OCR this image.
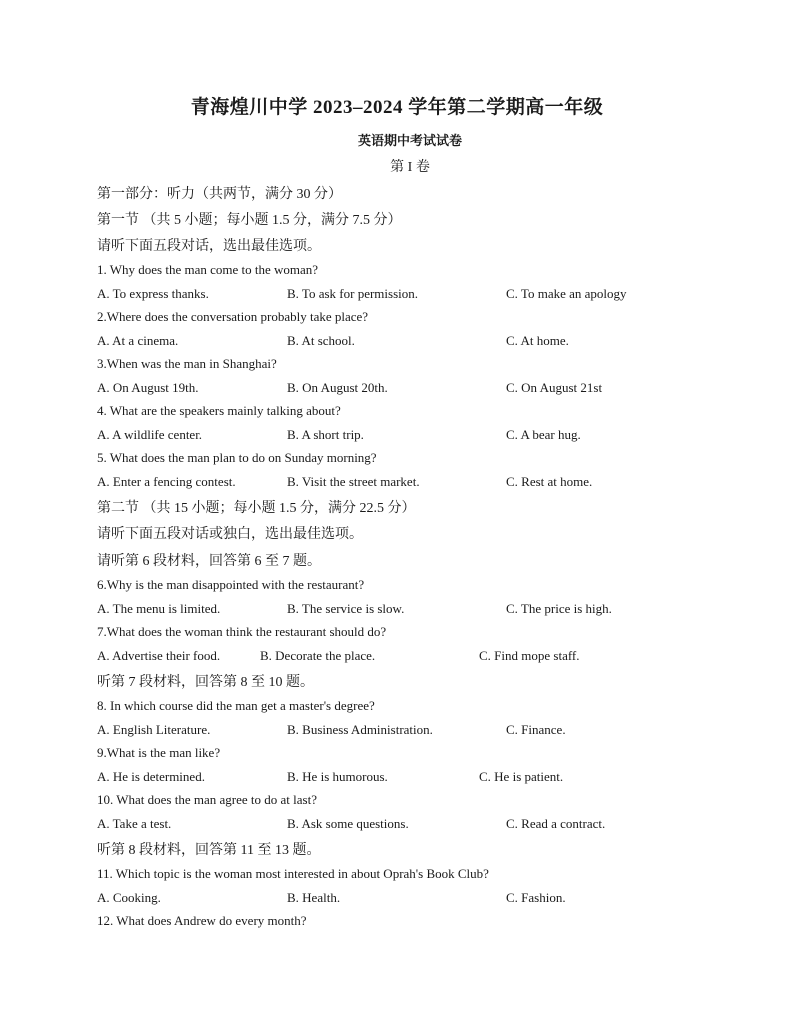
青海煌川中学 2023–2024 学年第二学期高一年级
英语期中考试试卷
第 I 卷
第一部分：听力（共两节，满分 30 分）
第一节 （共 5 小题；每小题 1.5 分，满分 7.5 分）
请听下面五段对话，选出最佳选项。
1. Why does the man come to the woman?
A. To express thanks.	B. To ask for permission.	C. To make an apology
2.Where does the conversation probably take place?
A. At a cinema.	B. At school.	C. At home.
3.When was the man in Shanghai?
A. On August 19th.	B. On August 20th.	C. On August 21st
4. What are the speakers mainly talking about?
A. A wildlife center.	B. A short trip.	C. A bear hug.
5. What does the man plan to do on Sunday morning?
A. Enter a fencing contest.	B. Visit the street market.	C. Rest at home.
第二节 （共 15 小题；每小题 1.5 分，满分 22.5 分）
请听下面五段对话或独白，选出最佳选项。
请听第 6 段材料，回答第 6 至 7 题。
6.Why is the man disappointed with the restaurant?
A. The menu is limited.	B. The service is slow.	C. The price is high.
7.What does the woman think the restaurant should do?
A. Advertise their food.	B. Decorate the place.	C. Find mope staff.
听第 7 段材料，回答第 8 至 10 题。
8. In which course did the man get a master's degree?
A. English Literature.	B. Business Administration.	C. Finance.
9.What is the man like?
A. He is determined.	B. He is humorous.	C. He is patient.
10. What does the man agree to do at last?
A. Take a test.	B. Ask some questions.	C. Read a contract.
听第 8 段材料，回答第 11 至 13 题。
11. Which topic is the woman most interested in about Oprah's Book Club?
A. Cooking.	B. Health.	C. Fashion.
12. What does Andrew do every month?
